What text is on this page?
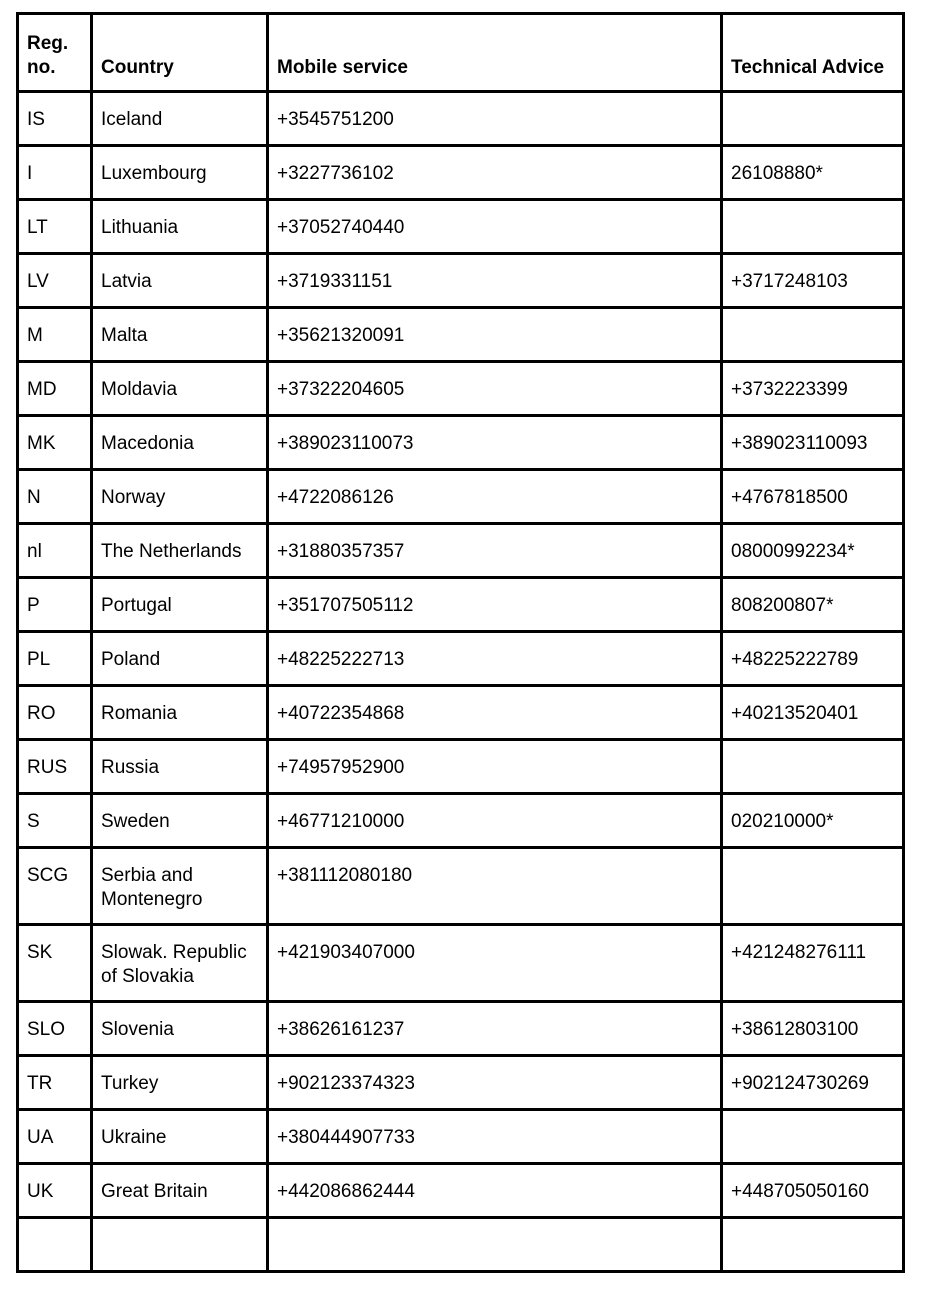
Reg. no.	Country	Mobile service	Technical Advice
IS	Iceland	+3545751200	
I	Luxembourg	+3227736102	26108880*
LT	Lithuania	+37052740440	
LV	Latvia	+3719331151	+3717248103
M	Malta	+35621320091	
MD	Moldavia	+37322204605	+3732223399
MK	Macedonia	+389023110073	+389023110093
N	Norway	+4722086126	+4767818500
nl	The Netherlands	+31880357357	08000992234*
P	Portugal	+351707505112	808200807*
PL	Poland	+48225222713	+48225222789
RO	Romania	+40722354868	+40213520401
RUS	Russia	+74957952900	
S	Sweden	+46771210000	020210000*
SCG	Serbia and Montenegro	+381112080180	
SK	Slowak. Republic of Slovakia	+421903407000	+421248276111
SLO	Slovenia	+38626161237	+38612803100
TR	Turkey	+902123374323	+902124730269
UA	Ukraine	+380444907733	
UK	Great Britain	+442086862444	+448705050160
